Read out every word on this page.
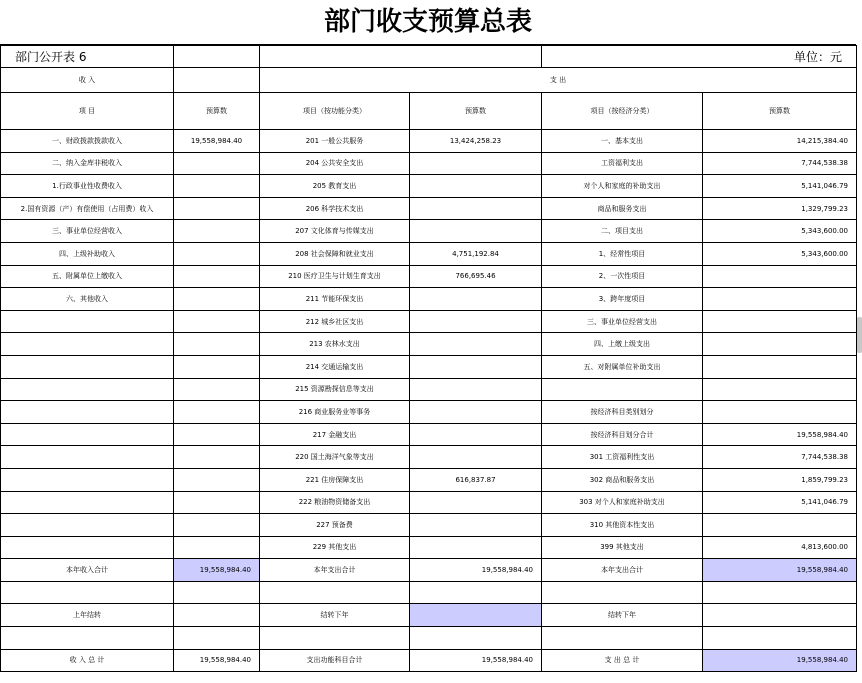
部门收支预算总表
部门公开表 6				单位：元	
收 入		支 出			
项 目	预算数	项目（按功能分类）	预算数	项目（按经济分类）	预算数
一、财政拨款拨款收入	19,558,984.40	201 一般公共服务	13,424,258.23	一、基本支出	14,215,384.40
二、纳入金库非税收入		204 公共安全支出		工资福利支出	7,744,538.38
1.行政事业性收费收入		205 教育支出		对个人和家庭的补助支出	5,141,046.79
2.国有资源（产）有偿使用（占用费）收入		206 科学技术支出		商品和服务支出	1,329,799.23
三、事业单位经营收入		207 文化体育与传媒支出		二、项目支出	5,343,600.00
四、上级补助收入		208 社会保障和就业支出	4,751,192.84	1、经常性项目	5,343,600.00
五、附属单位上缴收入		210 医疗卫生与计划生育支出	766,695.46	2、一次性项目	
六、其他收入		211 节能环保支出		3、跨年度项目	
		212 城乡社区支出		三、事业单位经营支出	
		213 农林水支出		四、上缴上级支出	
		214 交通运输支出		五、对附属单位补助支出	
		215 资源勘探信息等支出			
		216 商业服务业等事务		按经济科目类别划分	
		217 金融支出		按经济科目划分合计	19,558,984.40
		220 国土海洋气象等支出		301 工资福利性支出	7,744,538.38
		221 住房保障支出	616,837.87	302 商品和服务支出	1,859,799.23
		222 粮油物资储备支出		303 对个人和家庭补助支出	5,141,046.79
		227 预备费		310 其他资本性支出	
		229 其他支出		399 其他支出	4,813,600.00
本年收入合计	19,558,984.40	本年支出合计	19,558,984.40	本年支出合计	19,558,984.40

上年结转		结转下年		结转下年	

收 入 总 计	19,558,984.40	支出功能科目合计	19,558,984.40	支 出 总 计	19,558,984.40
